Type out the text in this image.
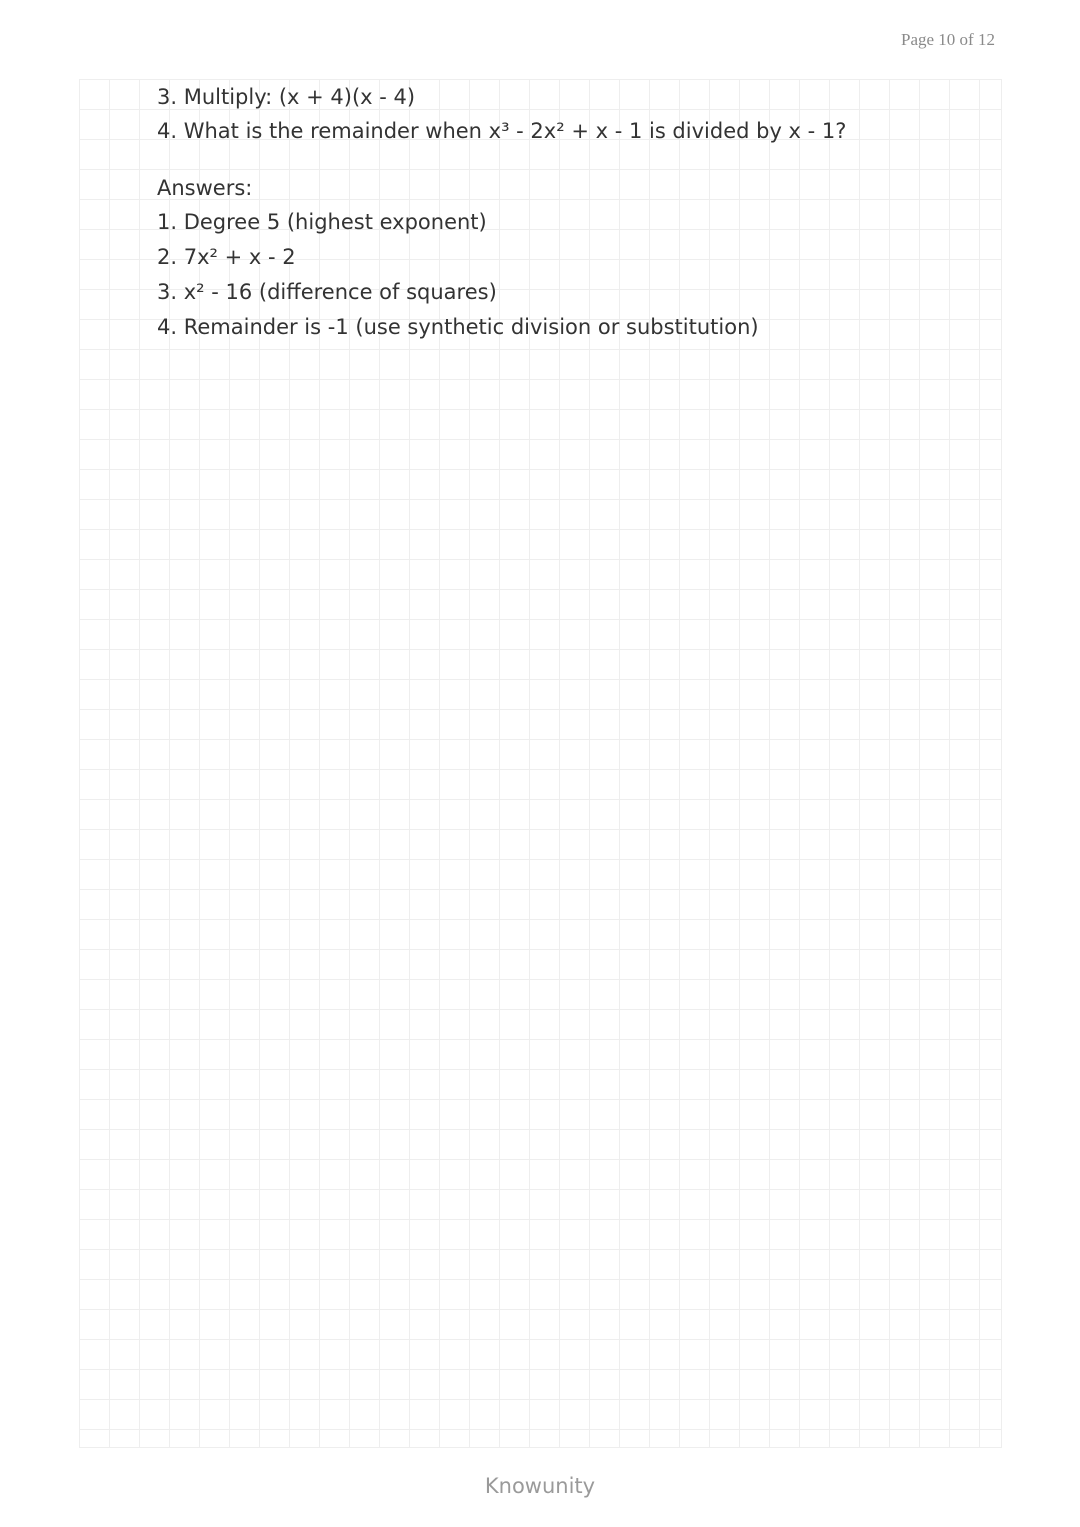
Page 10 of 12
3. Multiply: (x + 4)(x - 4)
4. What is the remainder when x³ - 2x² + x - 1 is divided by x - 1?
Answers:
1. Degree 5 (highest exponent)
2. 7x² + x - 2
3. x² - 16 (difference of squares)
4. Remainder is -1 (use synthetic division or substitution)
Knowunity
